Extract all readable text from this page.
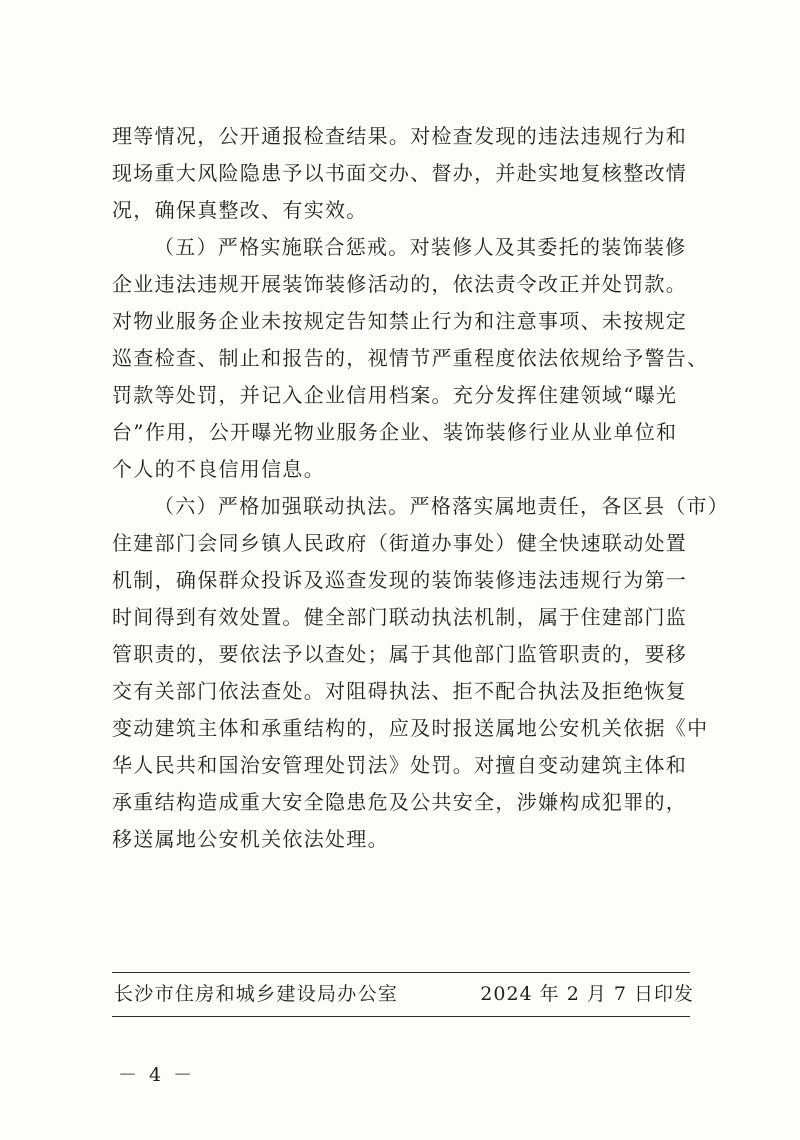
理等情况，公开通报检查结果。对检查发现的违法违规行为和
现场重大风险隐患予以书面交办、督办，并赴实地复核整改情
况，确保真整改、有实效。
（五）严格实施联合惩戒。对装修人及其委托的装饰装修
企业违法违规开展装饰装修活动的，依法责令改正并处罚款。
对物业服务企业未按规定告知禁止行为和注意事项、未按规定
巡查检查、制止和报告的，视情节严重程度依法依规给予警告、
罚款等处罚，并记入企业信用档案。充分发挥住建领域“曝光
台”作用，公开曝光物业服务企业、装饰装修行业从业单位和
个人的不良信用信息。
（六）严格加强联动执法。严格落实属地责任，各区县（市）
住建部门会同乡镇人民政府（街道办事处）健全快速联动处置
机制，确保群众投诉及巡查发现的装饰装修违法违规行为第一
时间得到有效处置。健全部门联动执法机制，属于住建部门监
管职责的，要依法予以查处；属于其他部门监管职责的，要移
交有关部门依法查处。对阻碍执法、拒不配合执法及拒绝恢复
变动建筑主体和承重结构的，应及时报送属地公安机关依据《中
华人民共和国治安管理处罚法》处罚。对擅自变动建筑主体和
承重结构造成重大安全隐患危及公共安全，涉嫌构成犯罪的，
移送属地公安机关依法处理。
长沙市住房和城乡建设局办公室	2024 年 2 月 7 日印发
－ 4 －
